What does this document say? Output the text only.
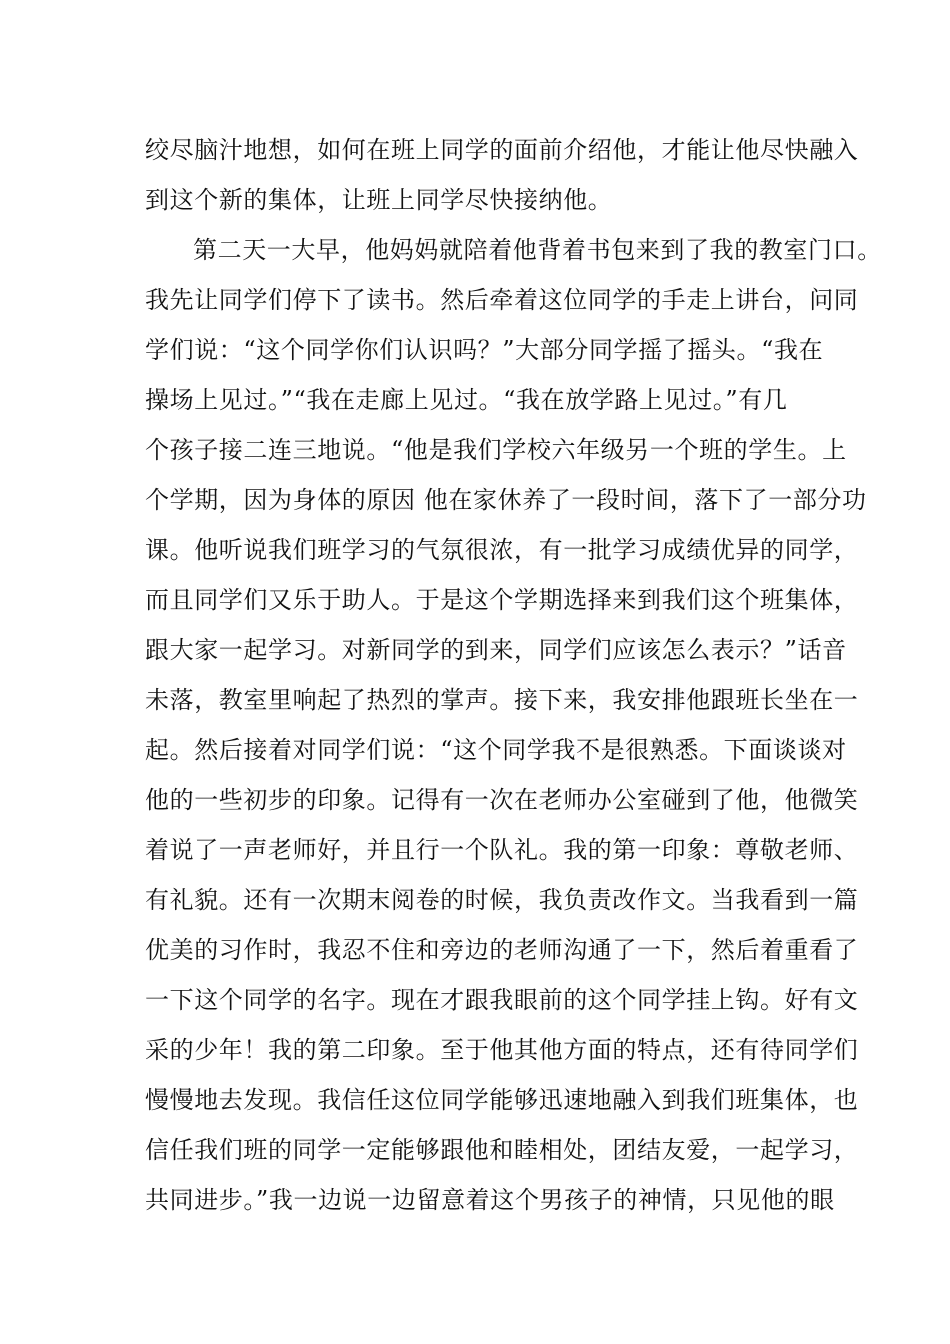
绞尽脑汁地想，如何在班上同学的面前介绍他，才能让他尽快融入
到这个新的集体，让班上同学尽快接纳他。
第二天一大早，他妈妈就陪着他背着书包来到了我的教室门口。
我先让同学们停下了读书。然后牵着这位同学的手走上讲台，问同
学们说：“这个同学你们认识吗？”大部分同学摇了摇头。“我在
操场上见过。”“我在走廊上见过。“我在放学路上见过。”有几
个孩子接二连三地说。“他是我们学校六年级另一个班的学生。上
个学期，因为身体的原因 他在家休养了一段时间，落下了一部分功
课。他听说我们班学习的气氛很浓，有一批学习成绩优异的同学，
而且同学们又乐于助人。于是这个学期选择来到我们这个班集体，
跟大家一起学习。对新同学的到来，同学们应该怎么表示？”话音
未落，教室里响起了热烈的掌声。接下来，我安排他跟班长坐在一
起。然后接着对同学们说：“这个同学我不是很熟悉。下面谈谈对
他的一些初步的印象。记得有一次在老师办公室碰到了他，他微笑
着说了一声老师好，并且行一个队礼。我的第一印象：尊敬老师、
有礼貌。还有一次期末阅卷的时候，我负责改作文。当我看到一篇
优美的习作时，我忍不住和旁边的老师沟通了一下，然后着重看了
一下这个同学的名字。现在才跟我眼前的这个同学挂上钩。好有文
采的少年！我的第二印象。至于他其他方面的特点，还有待同学们
慢慢地去发现。我信任这位同学能够迅速地融入到我们班集体，也
信任我们班的同学一定能够跟他和睦相处，团结友爱，一起学习，
共同进步。”我一边说一边留意着这个男孩子的神情，只见他的眼
